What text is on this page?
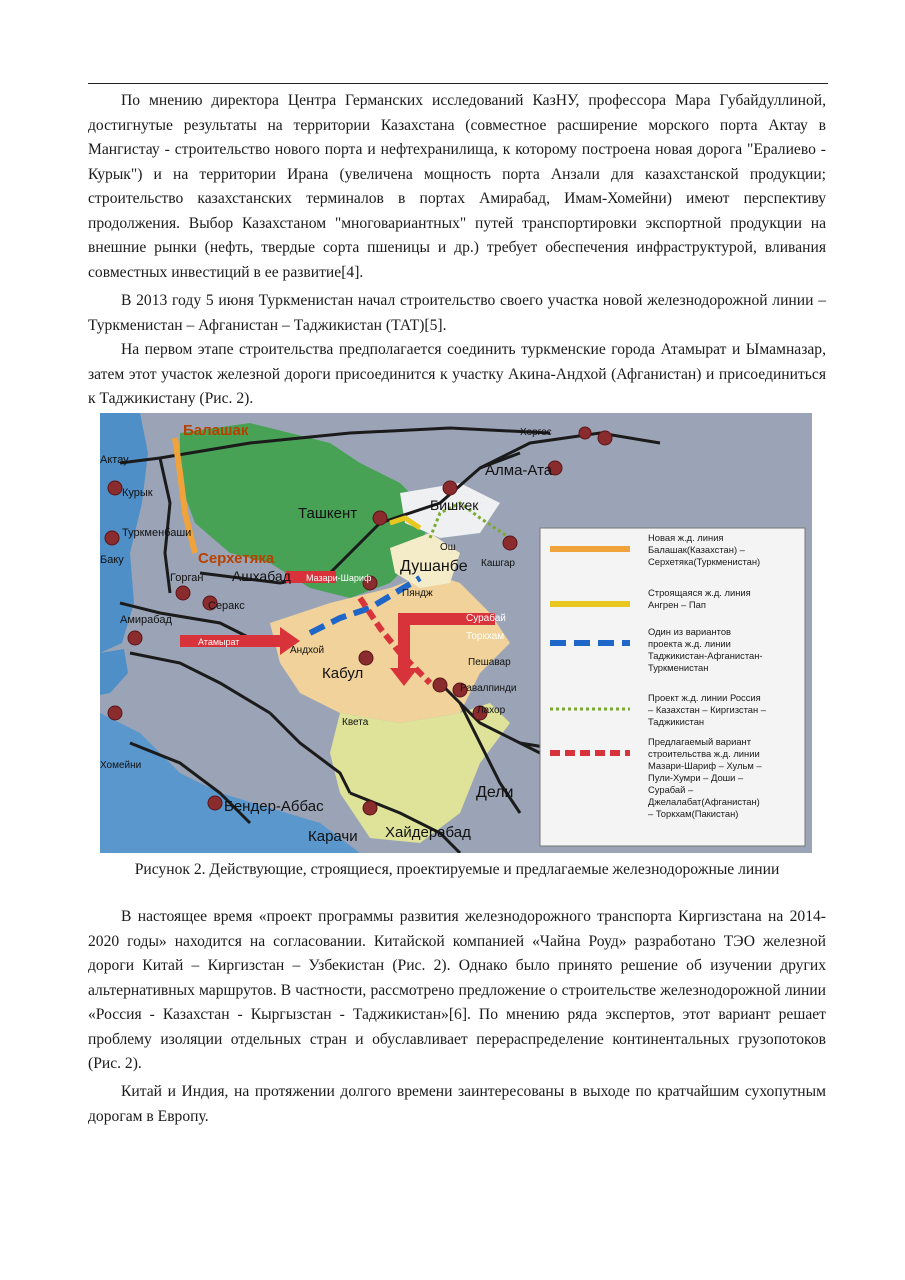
По мнению директора Центра Германских исследований КазНУ, профессора Мара Губайдуллиной, достигнутые результаты на территории Казахстана (совместное расширение морского порта Актау в Мангистау - строительство нового порта и нефтехранилища, к которому построена новая дорога "Ералиево - Курык") и на территории Ирана (увеличена мощность порта Анзали для казахстанской продукции; строительство казахстанских терминалов в портах Амирабад, Имам-Хомейни) имеют перспективу продолжения. Выбор Казахстаном "многовариантных" путей транспортировки экспортной продукции на внешние рынки (нефть, твердые сорта пшеницы и др.) требует обеспечения инфраструктурой, вливания совместных инвестиций в ее развитие[4].

В 2013 году 5 июня Туркменистан начал строительство своего участка новой железнодорожной линии – Туркменистан – Афганистан – Таджикистан (ТАТ)[5].

На первом этапе строительства предполагается соединить туркменские города Атамырат и Ымамназар, затем этот участок железной дороги присоединится к участку Акина-Андхой (Афганистан) и присоединиться к Таджикистану (Рис. 2).

Балашак
Актау
Курык
Туркменбаши
Баку	Серхетяка
Горган Ашхабад
Амирабад
Серакс
Атамырат
Мазари-Шариф
Андхой
Ташкент	Бишкек
Алма-Ата
Хоргос
Ош
Кашгар
Душанбе
Пяндж
Кабул
Сурабай
Торкхам
Пешавар
Равалпинди
Лахор
Квета
Хомейни
Бендер-Аббас
Дели
Карачи Хайдерабад
Новая ж.д. линия
Балашак(Казахстан) –
Серхетяка(Туркменистан)
Строящаяся ж.д. линия
Ангрен – Пап
Один из вариантов
проекта ж.д. линии
Таджикистан-Афганистан-
Туркменистан
Проект ж.д. линии Россия
– Казахстан – Киргизстан –
Таджикистан
Предлагаемый вариант
строительства ж.д. линии
Мазари-Шариф – Хульм –
Пули-Хумри – Доши –
Сурабай –
Джелалабат(Афганистан)
– Торкхам(Пакистан)
Рисунок 2. Действующие, строящиеся, проектируемые и предлагаемые железнодорожные линии

В настоящее время «проект программы развития железнодорожного транспорта Киргизстана на 2014-2020 годы» находится на согласовании. Китайской компанией «Чайна Роуд» разработано ТЭО железной дороги Китай – Киргизстан – Узбекистан (Рис. 2). Однако было принято решение об изучении других альтернативных маршрутов. В частности, рассмотрено предложение о строительстве железнодорожной линии «Россия - Казахстан - Кыргызстан - Таджикистан»[6]. По мнению ряда экспертов, этот вариант решает проблему изоляции отдельных стран и обуславливает перераспределение континентальных грузопотоков (Рис. 2).

Китай и Индия, на протяжении долгого времени заинтересованы в выходе по кратчайшим сухопутным дорогам в Европу.
